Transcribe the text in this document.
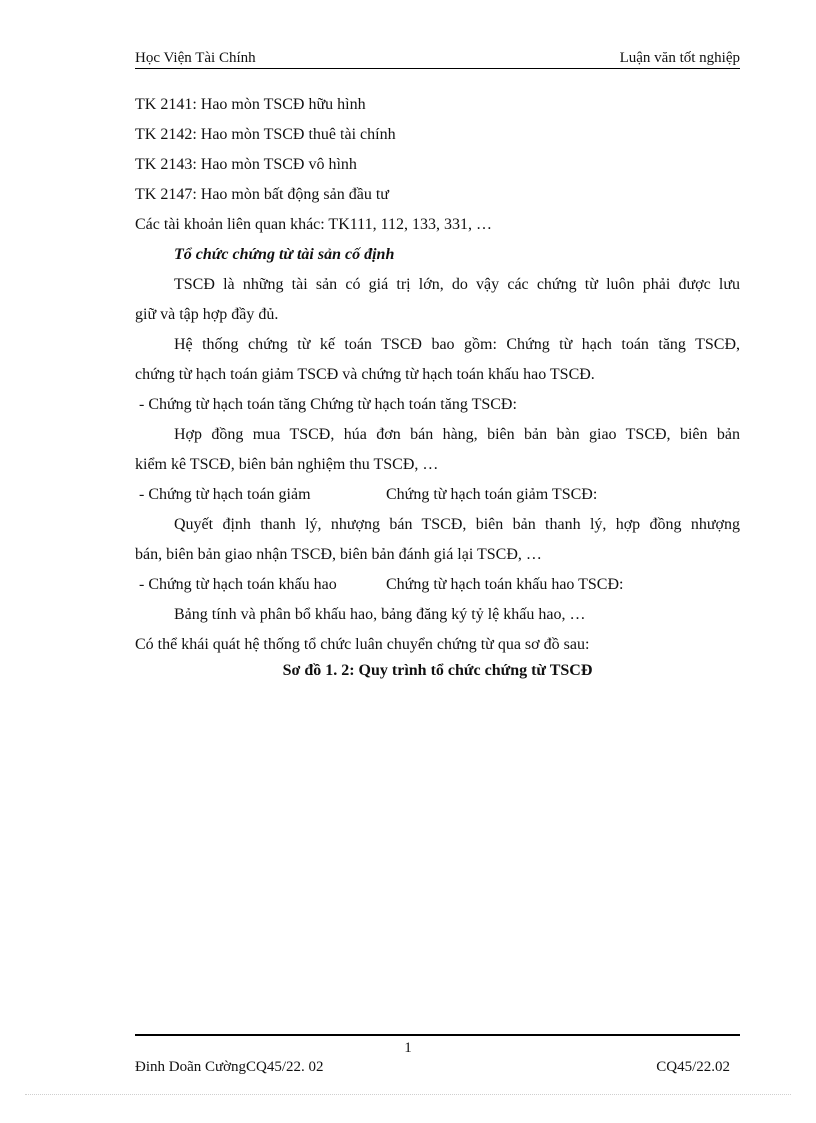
Học Viện Tài Chính	Luận văn tốt nghiệp
TK 2141: Hao mòn TSCĐ hữu hình
TK 2142: Hao mòn TSCĐ thuê tài chính
TK 2143: Hao mòn TSCĐ vô hình
TK 2147: Hao mòn bất động sản đầu tư
Các tài khoản liên quan khác: TK111, 112, 133, 331, …
Tổ chức chứng từ tài sản cố định
TSCĐ là những tài sản có giá trị lớn, do vậy các chứng từ luôn phải được lưu
giữ và tập hợp đầy đủ.
Hệ thống chứng từ kế toán TSCĐ bao gồm: Chứng từ hạch toán tăng TSCĐ,
chứng từ hạch toán giảm TSCĐ và chứng từ hạch toán khấu hao TSCĐ.
- Chứng từ hạch toán tăng Chứng từ hạch toán tăng TSCĐ:
Hợp đồng mua TSCĐ, húa đơn bán hàng, biên bản bàn giao TSCĐ, biên bản
kiểm kê TSCĐ, biên bản nghiệm thu TSCĐ, …
- Chứng từ hạch toán giảm	Chứng từ hạch toán giảm TSCĐ:
Quyết định thanh lý, nhượng bán TSCĐ, biên bản thanh lý, hợp đồng nhượng
bán, biên bản giao nhận TSCĐ, biên bản đánh giá lại TSCĐ, …
- Chứng từ hạch toán khấu hao	Chứng từ hạch toán khấu hao TSCĐ:
Bảng tính và phân bổ khấu hao, bảng đăng ký tỷ lệ khấu hao, …
Có thể khái quát hệ thống tổ chức luân chuyển chứng từ qua sơ đồ sau:
Sơ đồ 1. 2: Quy trình tổ chức chứng từ TSCĐ
1
Đinh Doãn CườngCQ45/22. 02	CQ45/22.02
